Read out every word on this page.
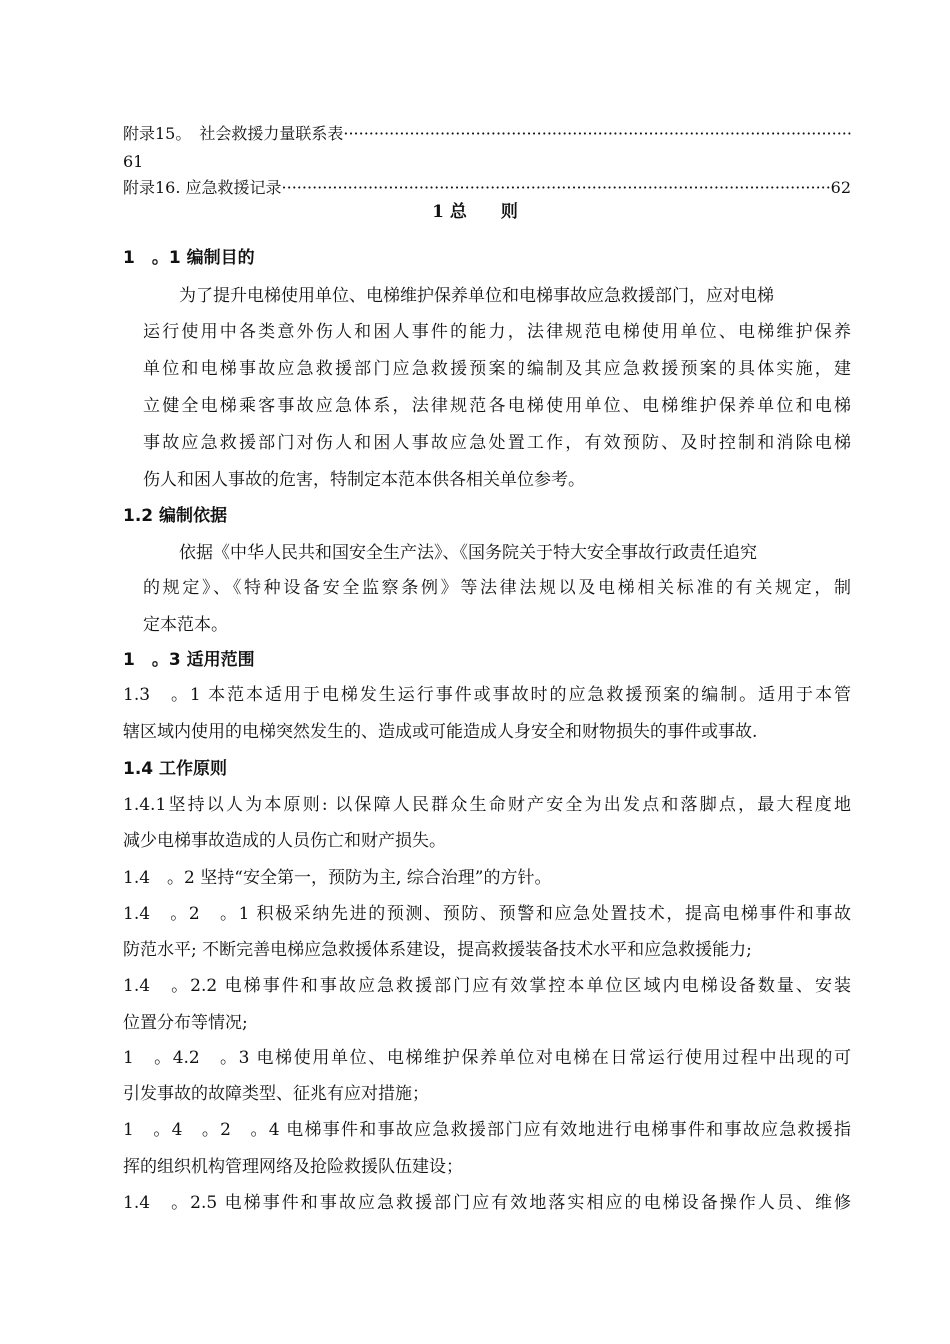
附录15。　社会救援力量联系表
·····
61
附录16. 应急救援记录
·····	62
1 总　　则
1　。1 编制目的
为了提升电梯使用单位、电梯维护保养单位和电梯事故应急救援部门，应对电梯
运行使用中各类意外伤人和困人事件的能力，法律规范电梯使用单位、电梯维护保养
单位和电梯事故应急救援部门应急救援预案的编制及其应急救援预案的具体实施，建
立健全电梯乘客事故应急体系，法律规范各电梯使用单位、电梯维护保养单位和电梯
事故应急救援部门对伤人和困人事故应急处置工作，有效预防、及时控制和消除电梯
伤人和困人事故的危害，特制定本范本供各相关单位参考。
1.2 编制依据
依据《中华人民共和国安全生产法》、《国务院关于特大安全事故行政责任追究
的规定》、《特种设备安全监察条例》等法律法规以及电梯相关标准的有关规定，制
定本范本。
1　。3 适用范围
1.3　。1 本范本适用于电梯发生运行事件或事故时的应急救援预案的编制。适用于本管
辖区域内使用的电梯突然发生的、造成或可能造成人身安全和财物损失的事件或事故.
1.4 工作原则
1.4.1坚持以人为本原则: 以保障人民群众生命财产安全为出发点和落脚点，最大程度地
减少电梯事故造成的人员伤亡和财产损失。
1.4　。2 坚持“安全第一，预防为主, 综合治理”的方针。
1.4　。2　。1 积极采纳先进的预测、预防、预警和应急处置技术，提高电梯事件和事故
防范水平; 不断完善电梯应急救援体系建设，提高救援装备技术水平和应急救援能力;
1.4　。2.2 电梯事件和事故应急救援部门应有效掌控本单位区域内电梯设备数量、安装
位置分布等情况;
1　。4.2　。3 电梯使用单位、电梯维护保养单位对电梯在日常运行使用过程中出现的可
引发事故的故障类型、征兆有应对措施；
1　。4　。2　。4 电梯事件和事故应急救援部门应有效地进行电梯事件和事故应急救援指
挥的组织机构管理网络及抢险救援队伍建设；
1.4　。2.5 电梯事件和事故应急救援部门应有效地落实相应的电梯设备操作人员、维修
